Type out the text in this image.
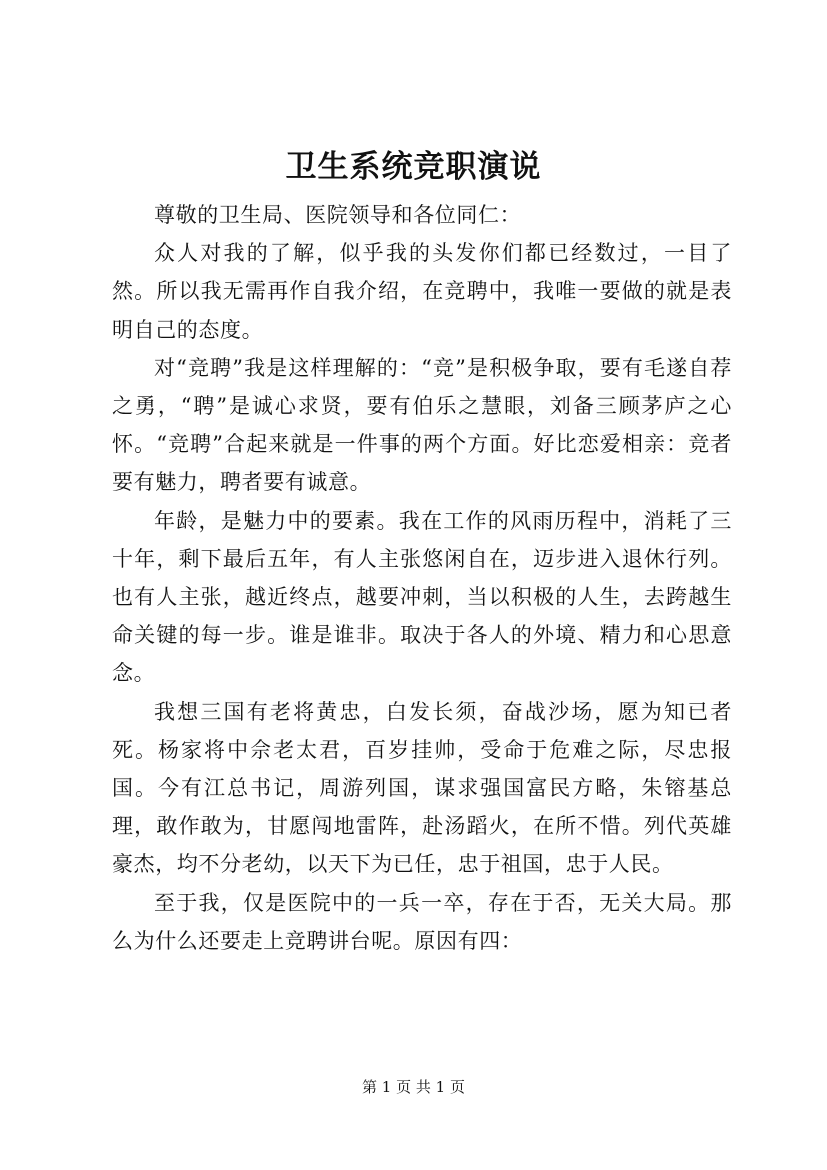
卫生系统竞职演说

尊敬的卫生局、医院领导和各位同仁：

众人对我的了解，似乎我的头发你们都已经数过，一目了然。所以我无需再作自我介绍，在竞聘中，我唯一要做的就是表明自己的态度。

对“竞聘”我是这样理解的：“竞”是积极争取，要有毛遂自荐之勇，“聘”是诚心求贤，要有伯乐之慧眼，刘备三顾茅庐之心怀。“竞聘”合起来就是一件事的两个方面。好比恋爱相亲：竞者要有魅力，聘者要有诚意。

年龄，是魅力中的要素。我在工作的风雨历程中，消耗了三十年，剩下最后五年，有人主张悠闲自在，迈步进入退休行列。也有人主张，越近终点，越要冲刺，当以积极的人生，去跨越生命关键的每一步。谁是谁非。取决于各人的外境、精力和心思意念。

我想三国有老将黄忠，白发长须，奋战沙场，愿为知已者死。杨家将中佘老太君，百岁挂帅，受命于危难之际，尽忠报国。今有江总书记，周游列国，谋求强国富民方略，朱镕基总理，敢作敢为，甘愿闯地雷阵，赴汤蹈火，在所不惜。列代英雄豪杰，均不分老幼，以天下为已任，忠于祖国，忠于人民。

至于我，仅是医院中的一兵一卒，存在于否，无关大局。那么为什么还要走上竞聘讲台呢。原因有四：

第 1 页 共 1 页
